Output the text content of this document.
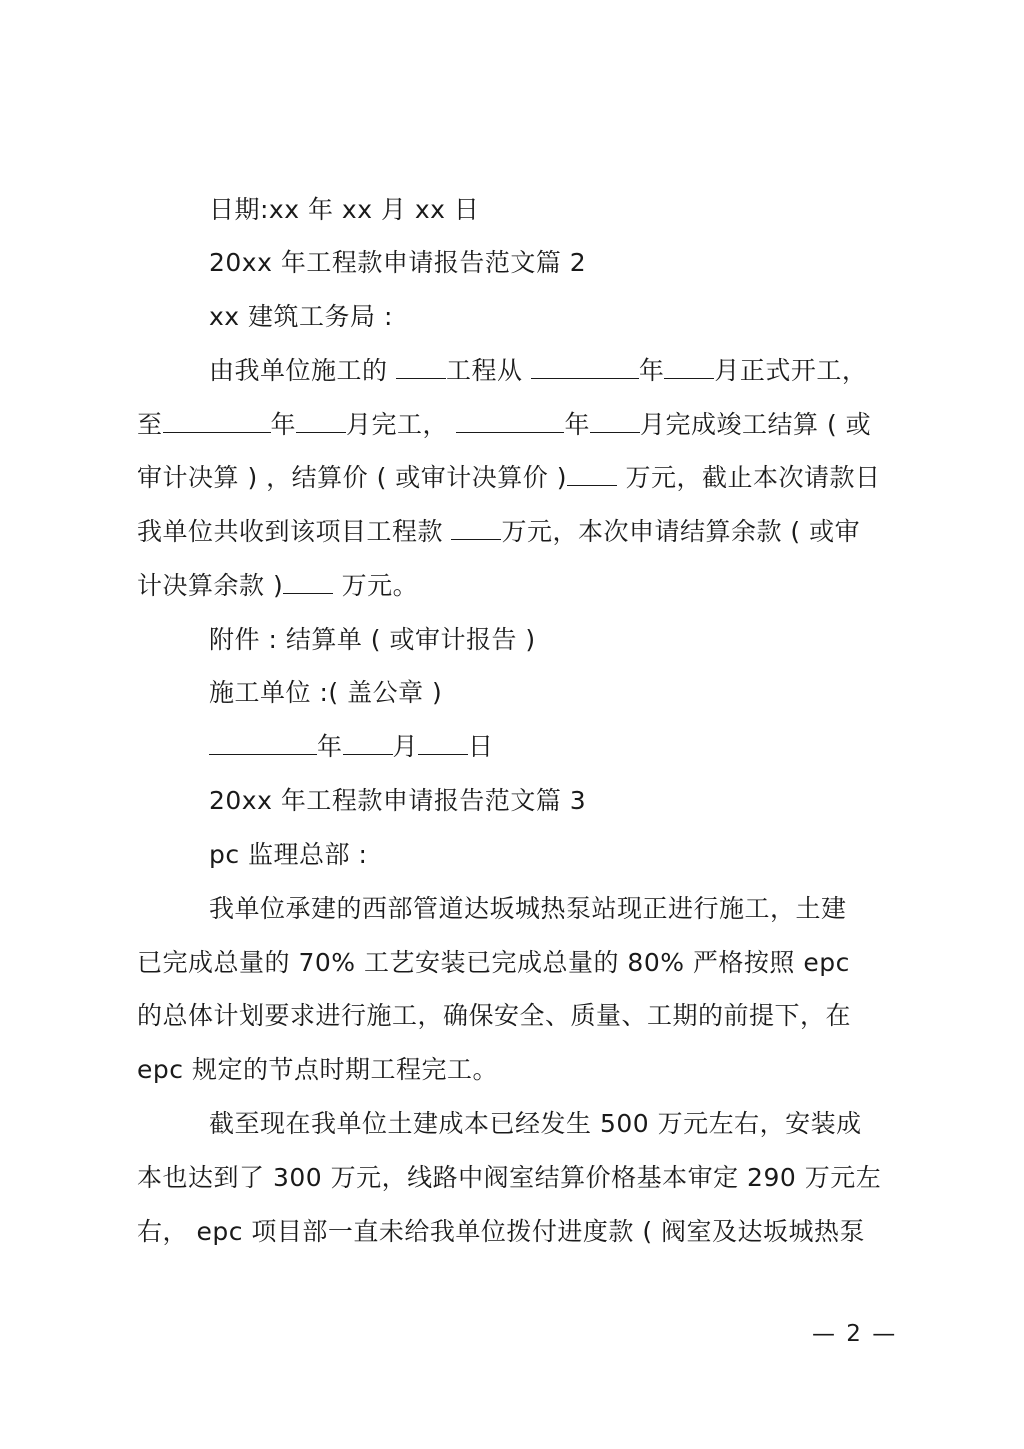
日期:xx 年 xx 月 xx 日
20xx 年工程款申请报告范文篇 2
xx 建筑工务局 :
由我单位施工的 工程从	年 月正式开工，
至	年 月完工，	年 月完成竣工结算 ( 或
审计决算 ) ，结算价 ( 或审计决算价 ) 万元，截止本次请款日
我单位共收到该项目工程款 万元，本次申请结算余款 ( 或审
计决算余款 ) 万元。
附件 : 结算单 ( 或审计报告 )
施工单位 :( 盖公章 )
年 月 日
20xx 年工程款申请报告范文篇 3
pc 监理总部 :
我单位承建的西部管道达坂城热泵站现正进行施工，土建
已完成总量的 70% 工艺安装已完成总量的 80% 严格按照 epc
的总体计划要求进行施工，确保安全、质量、工期的前提下，在
epc 规定的节点时期工程完工。
截至现在我单位土建成本已经发生 500 万元左右，安装成
本也达到了 300 万元，线路中阀室结算价格基本审定 290 万元左
右， epc 项目部一直未给我单位拨付进度款 ( 阀室及达坂城热泵
— 2 —
